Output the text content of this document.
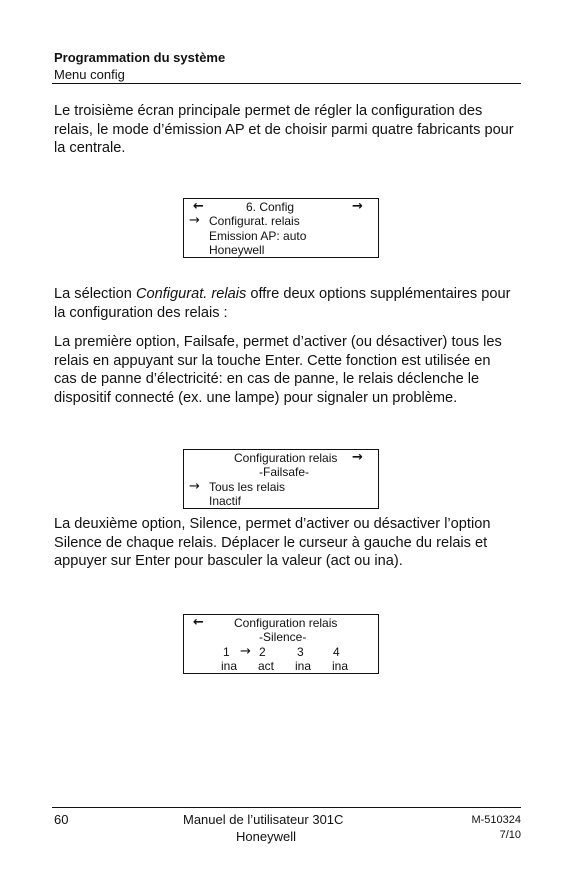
Programmation du système
Menu config

Le troisième écran principale permet de régler la configuration des relais, le mode d’émission AP et de choisir parmi quatre fabricants pour la centrale.

←	6. Config	→
→ Configurat. relais
Emission AP: auto
Honeywell

La sélection Configurat. relais offre deux options supplémentaires pour la configuration des relais :

La première option, Failsafe, permet d’activer (ou désactiver) tous les relais en appuyant sur la touche Enter. Cette fonction est utilisée en cas de panne d’électricité: en cas de panne, le relais déclenche le dispositif connecté (ex. une lampe) pour signaler un problème.

Configuration relais →
-Failsafe-
→ Tous les relais
Inactif

La deuxième option, Silence, permet d’activer ou désactiver l’option Silence de chaque relais. Déplacer le curseur à gauche du relais et appuyer sur Enter pour basculer la valeur (act ou ina).

←	Configuration relais
-Silence-
1 → 2	3 4
ina act ina ina
60	Manuel de l’utilisateur 301C
Honeywell
M-510324
7/10
